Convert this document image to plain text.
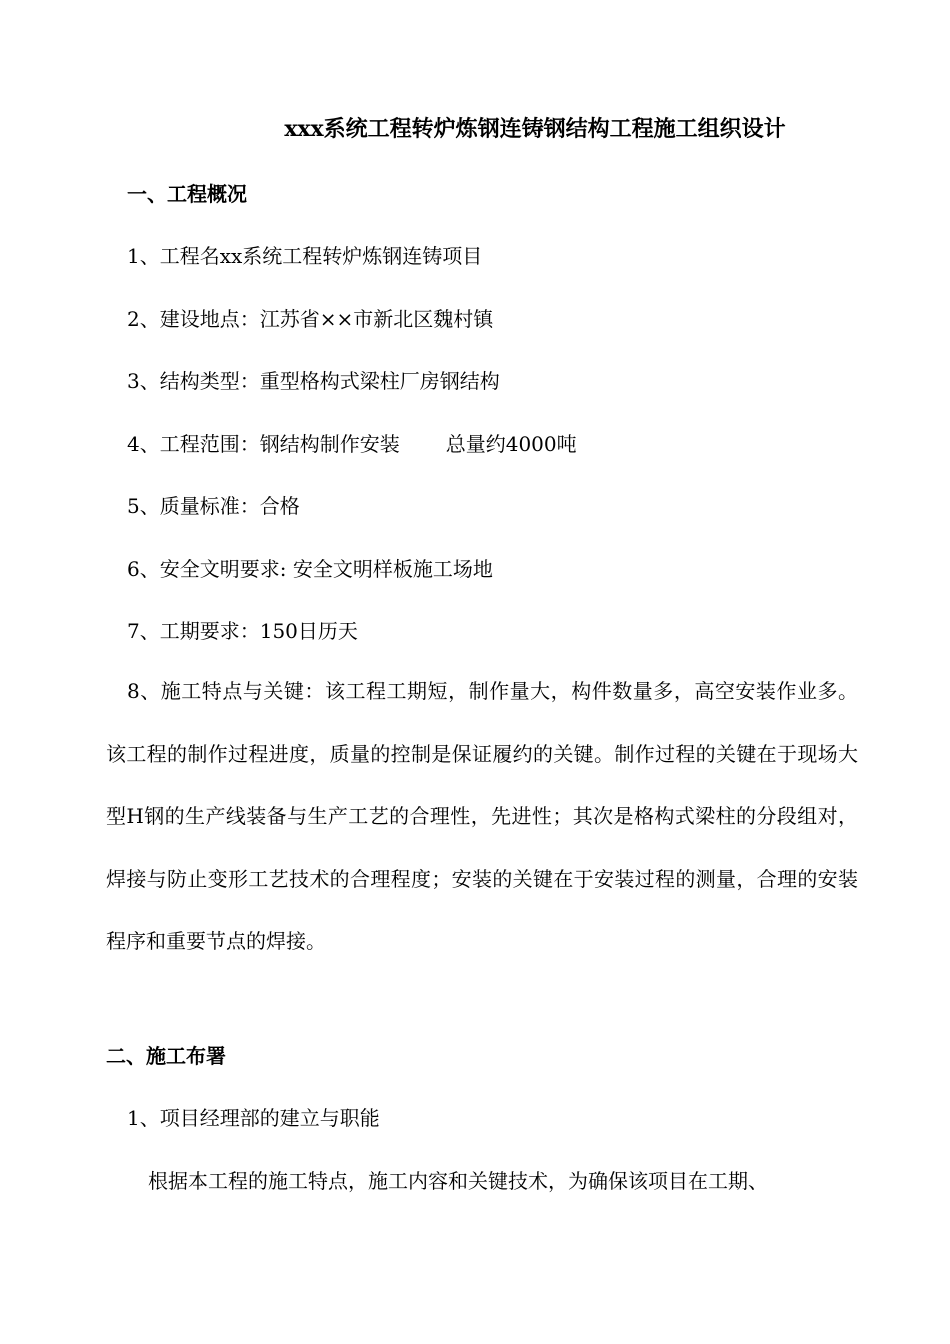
xxx系统工程转炉炼钢连铸钢结构工程施工组织设计
一、工程概况
1、工程名xx系统工程转炉炼钢连铸项目
2、建设地点：江苏省××市新北区魏村镇
3、结构类型：重型格构式梁柱厂房钢结构
4、工程范围：钢结构制作安装 总量约4000吨
5、质量标准：合格
6、安全文明要求: 安全文明样板施工场地
7、工期要求：150日历天
8、施工特点与关键：该工程工期短，制作量大，构件数量多，高空安装作业多。该工程的制作过程进度，质量的控制是保证履约的关键。制作过程的关键在于现场大型H钢的生产线装备与生产工艺的合理性，先进性；其次是格构式梁柱的分段组对，焊接与防止变形工艺技术的合理程度；安装的关键在于安装过程的测量，合理的安装程序和重要节点的焊接。
二、施工布署
1、项目经理部的建立与职能
根据本工程的施工特点，施工内容和关键技术，为确保该项目在工期、
